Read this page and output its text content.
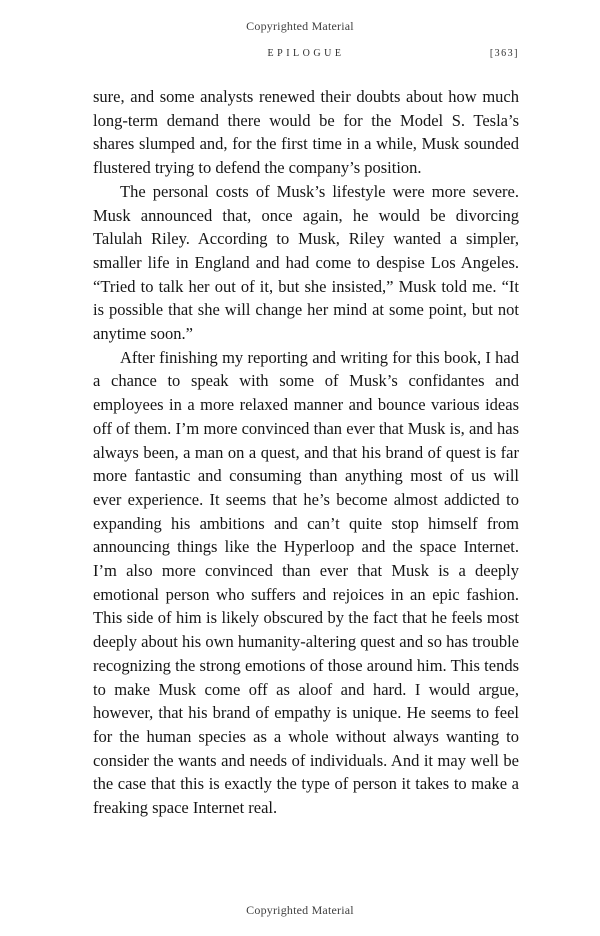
Copyrighted Material
EPILOGUE	[363]

sure, and some analysts renewed their doubts about how much long-term demand there would be for the Model S. Tesla’s shares slumped and, for the first time in a while, Musk sounded flustered trying to defend the company’s position.

The personal costs of Musk’s lifestyle were more severe. Musk announced that, once again, he would be divorcing Talulah Riley. According to Musk, Riley wanted a simpler, smaller life in England and had come to despise Los Angeles. “Tried to talk her out of it, but she insisted,” Musk told me. “It is possible that she will change her mind at some point, but not anytime soon.”

After finishing my reporting and writing for this book, I had a chance to speak with some of Musk’s confidantes and employees in a more relaxed manner and bounce various ideas off of them. I’m more convinced than ever that Musk is, and has always been, a man on a quest, and that his brand of quest is far more fantastic and consuming than anything most of us will ever experience. It seems that he’s become almost addicted to expanding his ambitions and can’t quite stop himself from announcing things like the Hyperloop and the space Internet. I’m also more convinced than ever that Musk is a deeply emotional person who suffers and rejoices in an epic fashion. This side of him is likely obscured by the fact that he feels most deeply about his own humanity-altering quest and so has trouble recognizing the strong emotions of those around him. This tends to make Musk come off as aloof and hard. I would argue, however, that his brand of empathy is unique. He seems to feel for the human species as a whole without always wanting to consider the wants and needs of individuals. And it may well be the case that this is exactly the type of person it takes to make a freaking space Internet real.

Copyrighted Material
